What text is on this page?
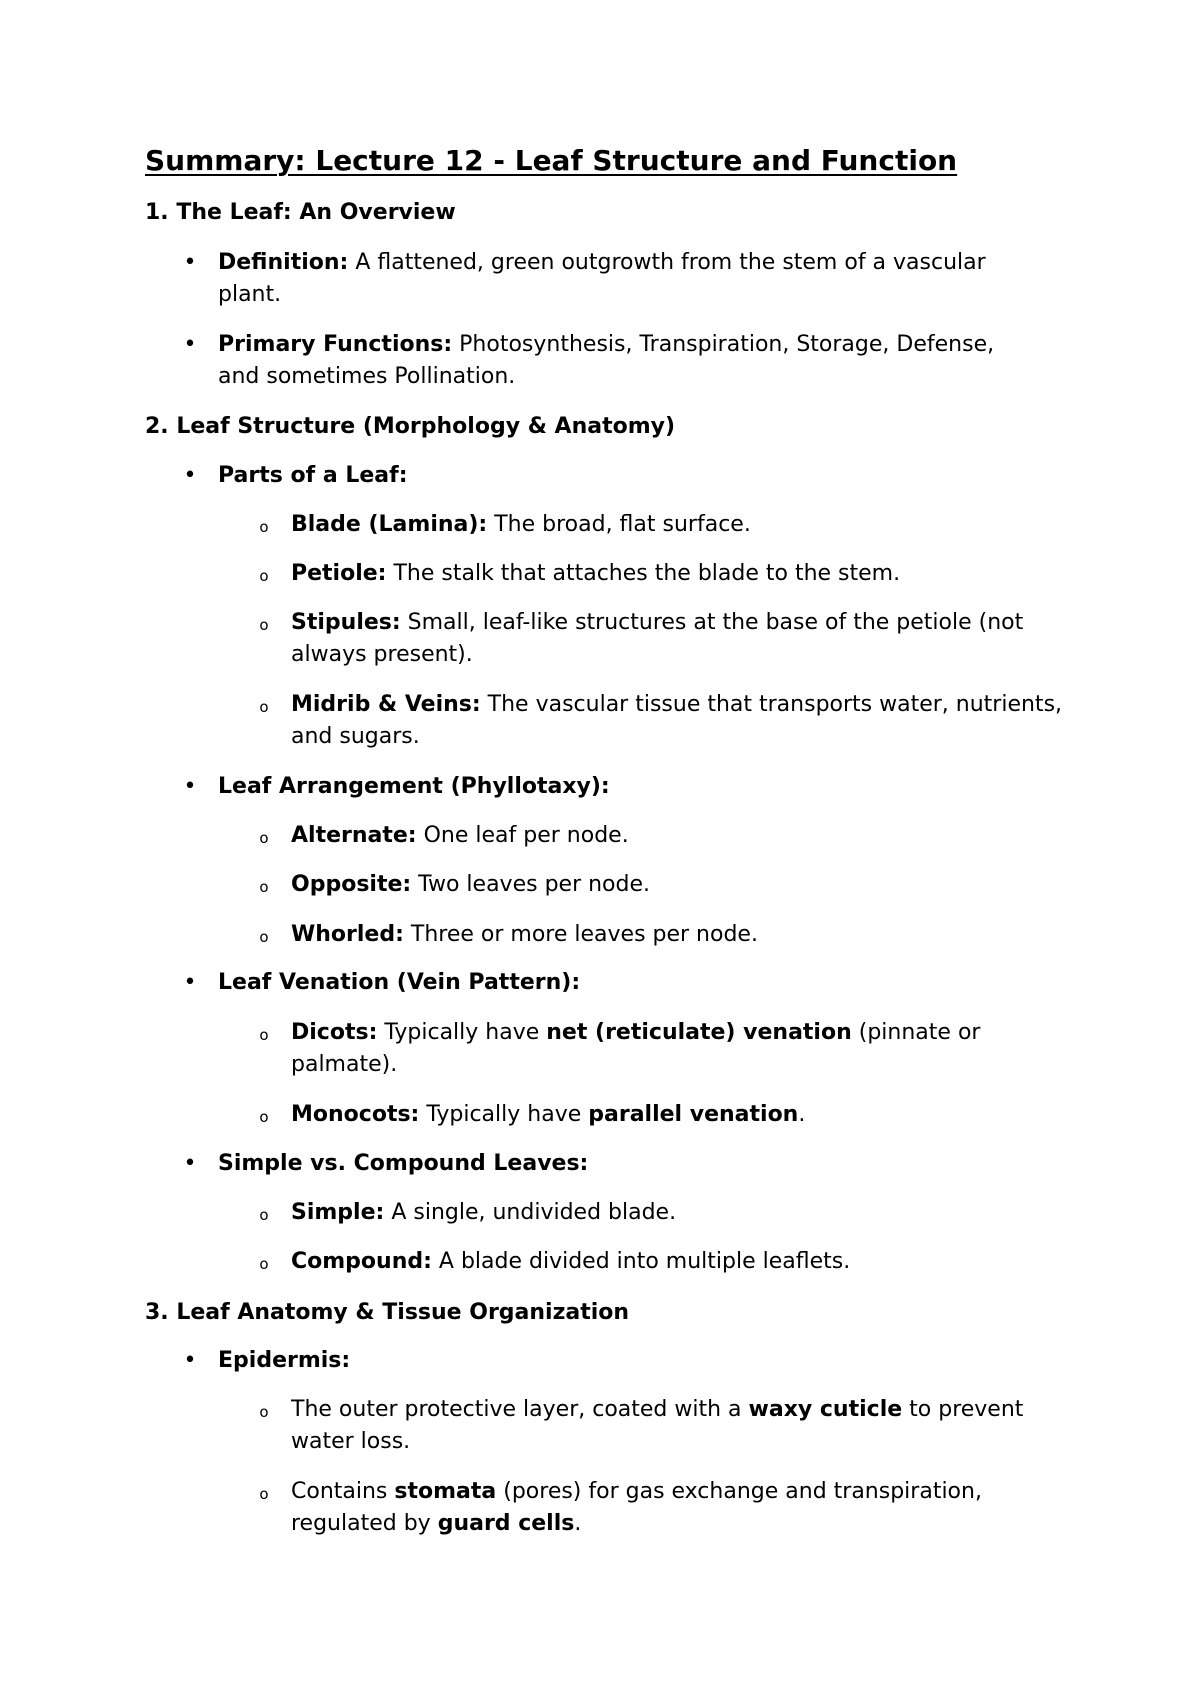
Summary: Lecture 12 - Leaf Structure and Function
1. The Leaf: An Overview
• Definition: A flattened, green outgrowth from the stem of a vascular plant.
• Primary Functions: Photosynthesis, Transpiration, Storage, Defense, and sometimes Pollination.
2. Leaf Structure (Morphology & Anatomy)
• Parts of a Leaf:
o Blade (Lamina): The broad, flat surface.
o Petiole: The stalk that attaches the blade to the stem.
o Stipules: Small, leaf-like structures at the base of the petiole (not always present).
o Midrib & Veins: The vascular tissue that transports water, nutrients, and sugars.
• Leaf Arrangement (Phyllotaxy):
o Alternate: One leaf per node.
o Opposite: Two leaves per node.
o Whorled: Three or more leaves per node.
• Leaf Venation (Vein Pattern):
o Dicots: Typically have net (reticulate) venation (pinnate or palmate).
o Monocots: Typically have parallel venation.
• Simple vs. Compound Leaves:
o Simple: A single, undivided blade.
o Compound: A blade divided into multiple leaflets.
3. Leaf Anatomy & Tissue Organization
• Epidermis:
o The outer protective layer, coated with a waxy cuticle to prevent water loss.
o Contains stomata (pores) for gas exchange and transpiration, regulated by guard cells.
